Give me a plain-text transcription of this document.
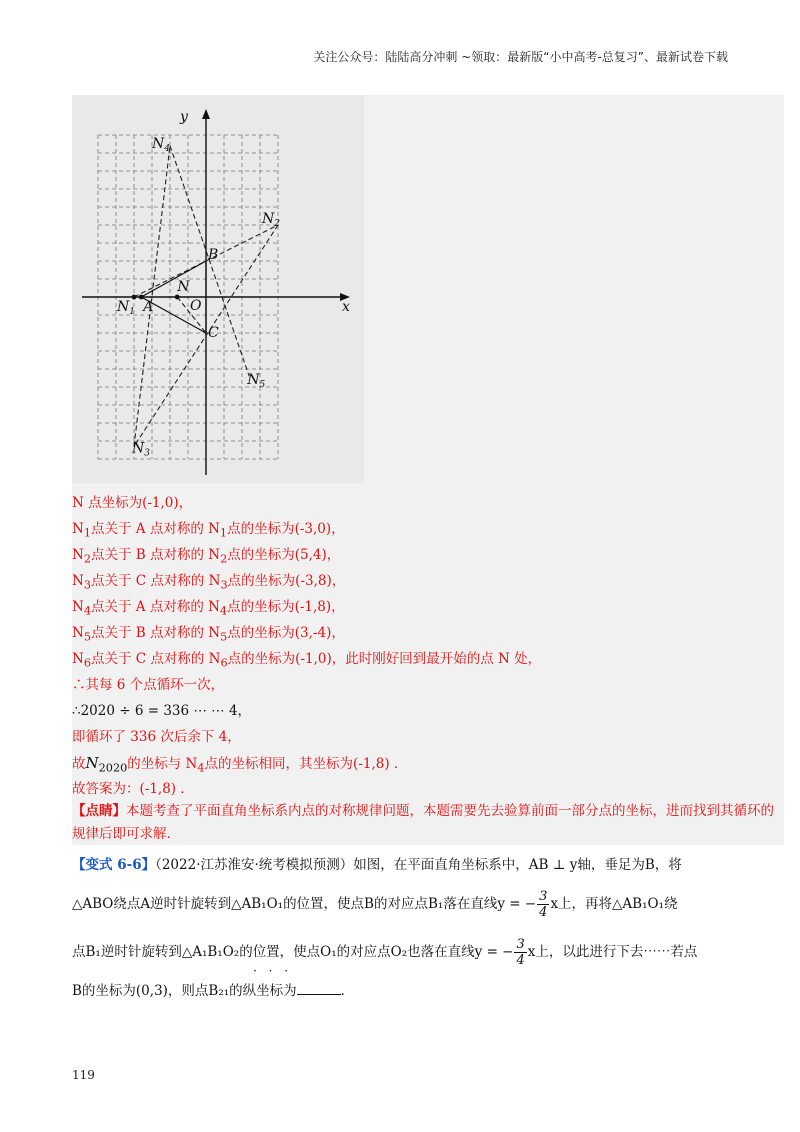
关注公众号：陆陆高分冲刺 ~领取：最新版“小中高考-总复习”、最新试卷下载
x
y
O
A
N
B
C
$N_1$
$N_2$
$N_3$
$N_4$
$N_5$
N 点坐标为(-1,0)，
$N_1$点关于 A 点对称的 $N_1$点的坐标为(-3,0)，
$N_2$点关于 B 点对称的 $N_2$点的坐标为(5,4)，
$N_3$点关于 C 点对称的 $N_3$点的坐标为(-3,8)，
$N_4$点关于 A 点对称的 $N_4$点的坐标为(-1,8)，
$N_5$点关于 B 点对称的 $N_5$点的坐标为(3,-4)，
$N_6$点关于 C 点对称的 $N_6$点的坐标为(-1,0)，此时刚好回到最开始的点 N 处，
∴其每 6 个点循环一次，
∴2020 ÷ 6 = 336 ⋯ ⋯ 4，
即循环了 336 次后余下 4，
故$N_{2020}$的坐标与 $N_4$点的坐标相同，其坐标为(-1,8) ．
故答案为：(-1,8) ．
【点睛】本题考查了平面直角坐标系内点的对称规律问题，本题需要先去验算前面一部分点的坐标，进而找到其循环的规律后即可求解．
【变式 6-6】（2022·江苏淮安·统考模拟预测）如图，在平面直角坐标系中，AB ⊥ y轴，垂足为B，将
△ABO绕点A逆时针旋转到△AB₁O₁的位置，使点B的对应点B₁落在直线y = − $\frac{3}{4}$ x上，再将△AB₁O₁绕
点B₁逆时针旋转到△A₁B₁O₂的位置，使点O₁的对应点O₂也落在直线y = − $\frac{3}{4}$ x上，以此进行下去⋯⋯若点
B的坐标为(0,3)，则点B₂₁的纵坐标为	．
· · ·
119
